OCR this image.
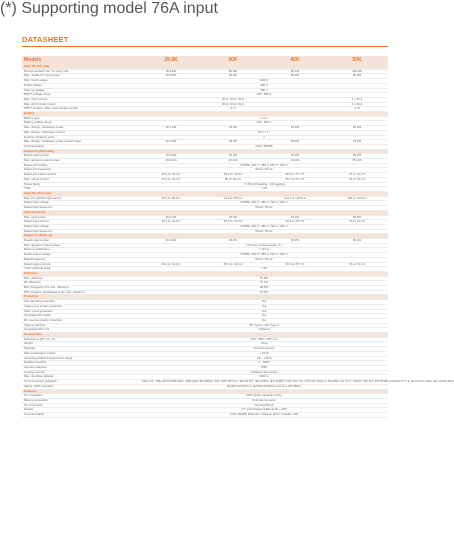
DATASHEET
Models	29.9K	30K	40K	50K
Input DC (PV side)				
Recommended max. PV array size	59.8 kW	60 kW	80 kW	100 kW
Max. usable PV input power	59.8 kW	60 kW	80 kW	90 kW
Max. input voltage	1000 V			
Rated voltage	600 V			
Start-up voltage	180 V			
MPPT voltage range	150 - 850 V			
Max. input current	40 A / 40 A / 40 A			4 × 40 A
Max. short circuit current	60 A / 60 A / 60 A			4 × 60 A
MPPT number / Max. input strings number	3 / 6			4 / 8
Battery				
Battery type	Li-ion			
Battery voltage range	150 - 800 V			
Max. charge / discharge power	32.1 kW	33 kW	44 kW	55 kW
Max. charge / discharge current	76 A × 2 *			
Number of battery ports	2			
Max. charge / discharge power of each input	32.1 kW	33 kW	33 kW	33 kW
Communication	CAN / RS485			
Output AC (Grid side)				
Rated output power	29.9 kW	30 kW	40 kW	50 kW
Max. apparent output power	29.9 kVA	33 kVA	44 kVA	55 kVA
Rated grid voltage	3/N/PE, 220 V / 380 V, 230 V / 400 V			
Rated grid frequency	50 Hz / 60 Hz			
Rated grid output current	45.4 A / 43.3 A	45.4 A / 43.3 A	60.6 A / 57.7 A	76 A / 72.2 A
Max. output current	45.4 A / 43.3 A	50 A / 43.3 A	66.7 A / 57.7 A	76 A / 72.2 A
Power factor	> 0.99 (0.8 leading - 0.8 lagging)			
THDi	< 3%			
Input AC (Grid side)				
Max. AC passthrough current	90.6 A / 86.6 A	91.2 A / 86.6 A	121.4 A / 115.4 A	152 A / 144.4 A
Rated input voltage	3/N/PE, 220 V / 380 V, 230 V / 400 V			
Rated input frequency	50 Hz / 60 Hz			
Input Generator				
Max. input power	29.9 kW	30 kW	40 kW	50 kW
Rated input current	45.4 A / 43.3 A	45.4 A / 43.3 A	60.6 A / 57.7 A	76 A / 72.2 A
Rated input voltage	3/N/PE, 220 V / 380 V, 230 V / 400 V			
Rated input frequency	50 Hz / 60 Hz			
Output AC (Back-up)				
Rated output power	29.9 kW	30 kW	40 kW	50 kW
Max. apparent output power	1.5 times of rated power, 3 s			
Back-up switch time	< 10 ms			
Rated output voltage	3/N/PE, 220 V / 380 V, 230 V / 400 V			
Rated frequency	50 Hz / 60 Hz			
Rated output current	45.4 A / 43.3 A	45.4 A / 43.3 A	60.6 A / 57.7 A	76 A / 72.2 A
THDv (@linear load)	< 3%			
Efficiency				
Max. efficiency	97.8%			
EU efficiency	97.4%			
BAT charged by PV max. efficiency	98.5%			
BAT charged / discharged to AC max. efficiency	97.5%			
Protection				
Anti-islanding protection	Yes			
Output over current protection	Yes			
Short circuit protection	Yes			
Integrated DC switch	Yes			
DC reverse polarity protection	Yes			
Surge protection	DC Type II / AC Type II			
Integrated AFCI 2.0	Optional			
General Data				
Dimensions (W × H × D)	530 × 880 × 280 mm			
Weight	73 kg			
Topology	Transformerless			
Self-consumption (night)	< 15 W			
Operating ambient temperature range	-25 ~ +60°C			
Relative humidity	0 - 100%			
Ingress protection	IP66			
Cooling concept	Intelligent fan cooling			
Max. operation altitude	4000 m			
Grid connection standard	CEI 0-21, VDE-AR-N 4105/4110, VDE 0124, EN 50549, G99, NRS 097-2-1, IEC 61727, IEC 62116, IEC 61683, UTE C15-712, NTS 631 PO12.3, RD1699, AS 4777, C10/11, RD 413, EN 50438, AS/NZS 4777.2, IEC 61727:2004, IEC 62116:2014			
Safety / EMC standard	IEC/EN 62109-1/-2, IEC/EN 61000-6-1/-2/-3/-4, EN 55011			
Features				
PV connection	MC4 Quick connection plug			
Battery connection	Terminal connector			
AC connection	Terminal Block			
Display	7.0" LCD display & Bluetooth + APP			
Communication	CAN, RS485, Ethernet, Optional: Wi-Fi, Cellular, LAN			
(*) Supporting model 76A input
